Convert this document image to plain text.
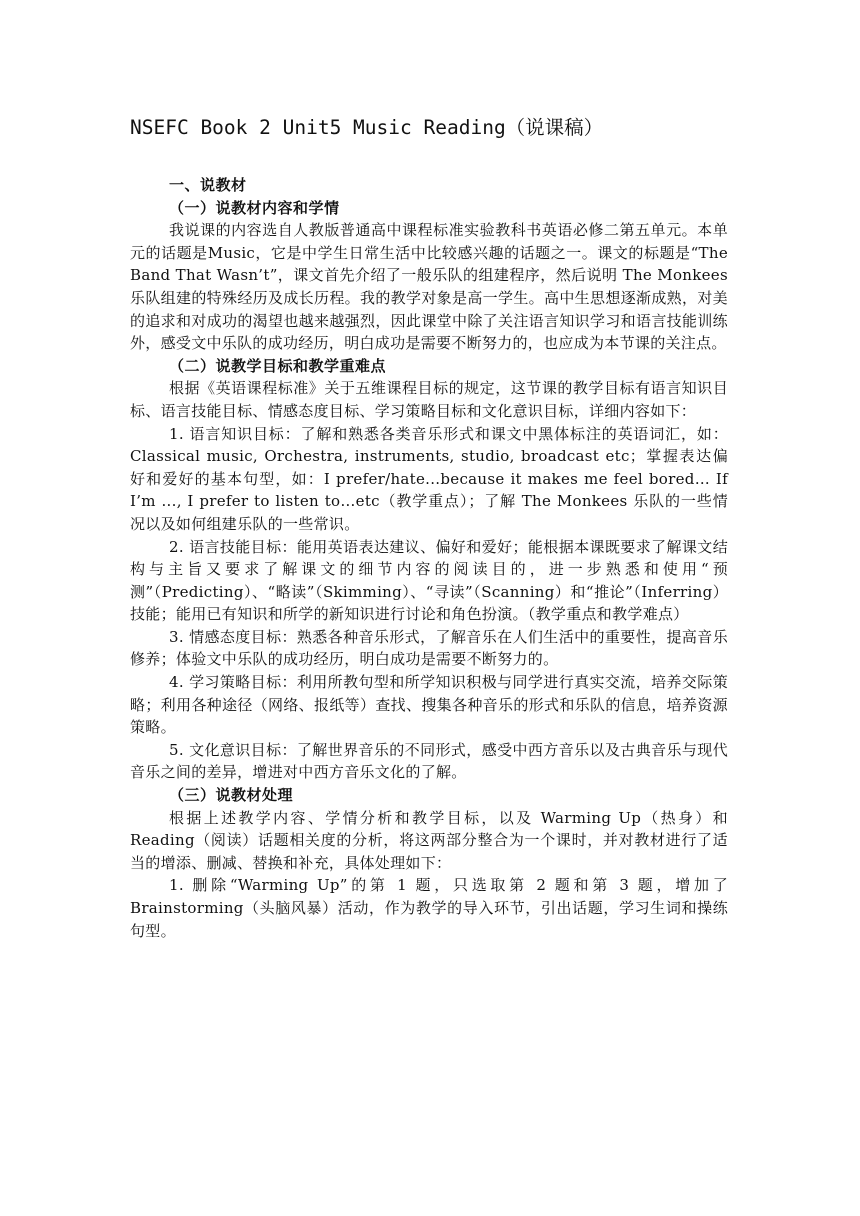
NSEFC Book 2 Unit5 Music Reading（说课稿）
一、说教材
（一）说教材内容和学情

我说课的内容选自人教版普通高中课程标准实验教科书英语必修二第五单元。本单元的话题是Music，它是中学生日常生活中比较感兴趣的话题之一。课文的标题是“The Band That Wasn’t”，课文首先介绍了一般乐队的组建程序，然后说明 The Monkees 乐队组建的特殊经历及成长历程。我的教学对象是高一学生。高中生思想逐渐成熟，对美的追求和对成功的渴望也越来越强烈，因此课堂中除了关注语言知识学习和语言技能训练外，感受文中乐队的成功经历，明白成功是需要不断努力的，也应成为本节课的关注点。

（二）说教学目标和教学重难点

根据《英语课程标准》关于五维课程目标的规定，这节课的教学目标有语言知识目标、语言技能目标、情感态度目标、学习策略目标和文化意识目标，详细内容如下：

1. 语言知识目标：了解和熟悉各类音乐形式和课文中黑体标注的英语词汇，如：Classical music, Orchestra, instruments, studio, broadcast etc；掌握表达偏好和爱好的基本句型，如：I prefer/hate...because it makes me feel bored… If I’m ..., I prefer to listen to…etc（教学重点）；了解 The Monkees 乐队的一些情况以及如何组建乐队的一些常识。

2. 语言技能目标：能用英语表达建议、偏好和爱好；能根据本课既要求了解课文结构与主旨又要求了解课文的细节内容的阅读目的，进一步熟悉和使用“预测”（Predicting）、“略读”（Skimming）、“寻读”（Scanning）和“推论”（Inferring）技能；能用已有知识和所学的新知识进行讨论和角色扮演。（教学重点和教学难点）

3. 情感态度目标：熟悉各种音乐形式，了解音乐在人们生活中的重要性，提高音乐修养；体验文中乐队的成功经历，明白成功是需要不断努力的。

4. 学习策略目标：利用所教句型和所学知识积极与同学进行真实交流，培养交际策略；利用各种途径（网络、报纸等）查找、搜集各种音乐的形式和乐队的信息，培养资源策略。

5. 文化意识目标：了解世界音乐的不同形式，感受中西方音乐以及古典音乐与现代音乐之间的差异，增进对中西方音乐文化的了解。

（三）说教材处理

根据上述教学内容、学情分析和教学目标，以及 Warming Up（热身）和 Reading（阅读）话题相关度的分析，将这两部分整合为一个课时，并对教材进行了适当的增添、删减、替换和补充，具体处理如下：

1. 删除“Warming Up”的第 1 题，只选取第 2 题和第 3 题，增加了 Brainstorming（头脑风暴）活动，作为教学的导入环节，引出话题，学习生词和操练句型。
